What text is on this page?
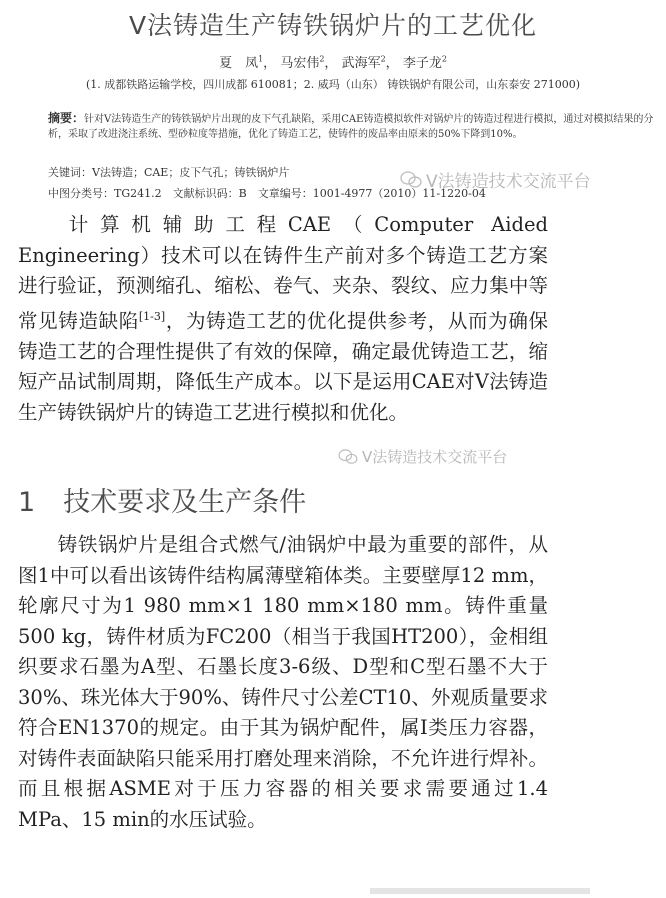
V法铸造生产铸铁锅炉片的工艺优化
夏　凤$^1$， 马宏伟$^2$， 武海军$^2$， 李子龙$^2$
(1. 成都铁路运输学校，四川成都 610081；2. 威玛（山东） 铸铁锅炉有限公司，山东泰安 271000)
摘要：针对V法铸造生产的铸铁锅炉片出现的皮下气孔缺陷，采用CAE铸造模拟软件对锅炉片的铸造过程进行模拟，通过对模拟结果的分析，采取了改进浇注系统、型砂粒度等措施，优化了铸造工艺，使铸件的废品率由原来的50%下降到10%。
关键词：V法铸造；CAE；皮下气孔；铸铁锅炉片
中图分类号：TG241.2　文献标识码：B　文章编号：1001-4977（2010）11-1220-04
V法铸造技术交流平台
  计算机辅助工程CAE（Computer Aided Engineering）技术可以在铸件生产前对多个铸造工艺方案进行验证，预测缩孔、缩松、卷气、夹杂、裂纹、应力集中等常见铸造缺陷[1-3]，为铸造工艺的优化提供参考，从而为确保铸造工艺的合理性提供了有效的保障，确定最优铸造工艺，缩短产品试制周期，降低生产成本。以下是运用CAE对V法铸造生产铸铁锅炉片的铸造工艺进行模拟和优化。
V法铸造技术交流平台
1 技术要求及生产条件
  铸铁锅炉片是组合式燃气/油锅炉中最为重要的部件，从图1中可以看出该铸件结构属薄壁箱体类。主要壁厚12 mm，轮廓尺寸为1 980 mm×1 180 mm×180 mm。铸件重量500 kg，铸件材质为FC200（相当于我国HT200），金相组织要求石墨为A型、石墨长度3-6级、D型和C型石墨不大于30%、珠光体大于90%、铸件尺寸公差CT10、外观质量要求符合EN1370的规定。由于其为锅炉配件，属Ⅰ类压力容器，对铸件表面缺陷只能采用打磨处理来消除，不允许进行焊补。而且根据ASME对于压力容器的相关要求需要通过1.4 MPa、15 min的水压试验。
